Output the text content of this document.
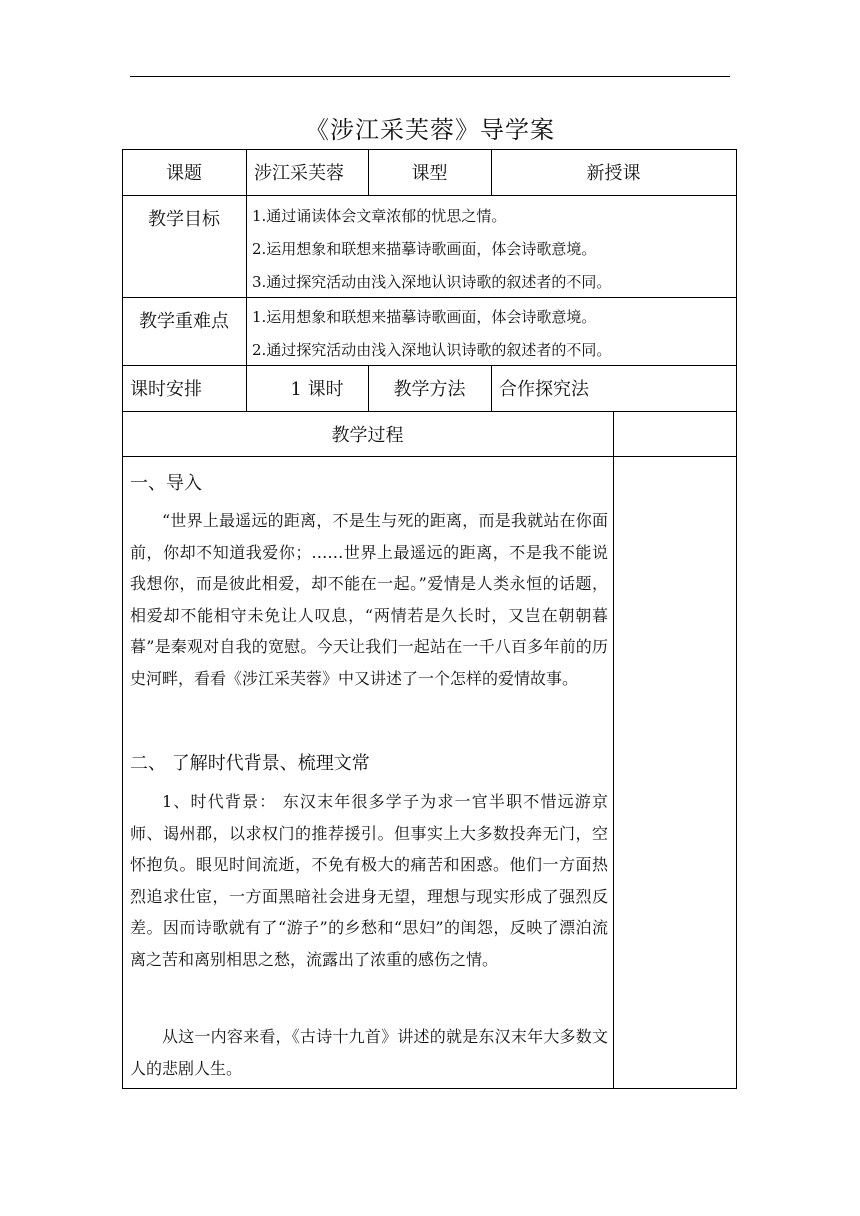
《涉江采芙蓉》导学案
课题	涉江采芙蓉	课型	新授课
教学目标	1.通过诵读体会文章浓郁的忧思之情。
2.运用想象和联想来描摹诗歌画面，体会诗歌意境。
3.通过探究活动由浅入深地认识诗歌的叙述者的不同。
教学重难点	1.运用想象和联想来描摹诗歌画面，体会诗歌意境。
2.通过探究活动由浅入深地认识诗歌的叙述者的不同。
课时安排	1 课时	教学方法	合作探究法
教学过程
一、导入
“世界上最遥远的距离，不是生与死的距离，而是我就站在你面前，你却不知道我爱你；……世界上最遥远的距离，不是我不能说我想你，而是彼此相爱，却不能在一起。”爱情是人类永恒的话题，相爱却不能相守未免让人叹息，“两情若是久长时，又岂在朝朝暮暮”是秦观对自我的宽慰。今天让我们一起站在一千八百多年前的历史河畔，看看《涉江采芙蓉》中又讲述了一个怎样的爱情故事。
二、 了解时代背景、梳理文常
1、时代背景： 东汉末年很多学子为求一官半职不惜远游京师、谒州郡，以求权门的推荐援引。但事实上大多数投奔无门，空怀抱负。眼见时间流逝，不免有极大的痛苦和困惑。他们一方面热烈追求仕宦，一方面黑暗社会进身无望，理想与现实形成了强烈反差。因而诗歌就有了“游子”的乡愁和“思妇”的闺怨，反映了漂泊流离之苦和离别相思之愁，流露出了浓重的感伤之情。
从这一内容来看，《古诗十九首》讲述的就是东汉末年大多数文人的悲剧人生。
